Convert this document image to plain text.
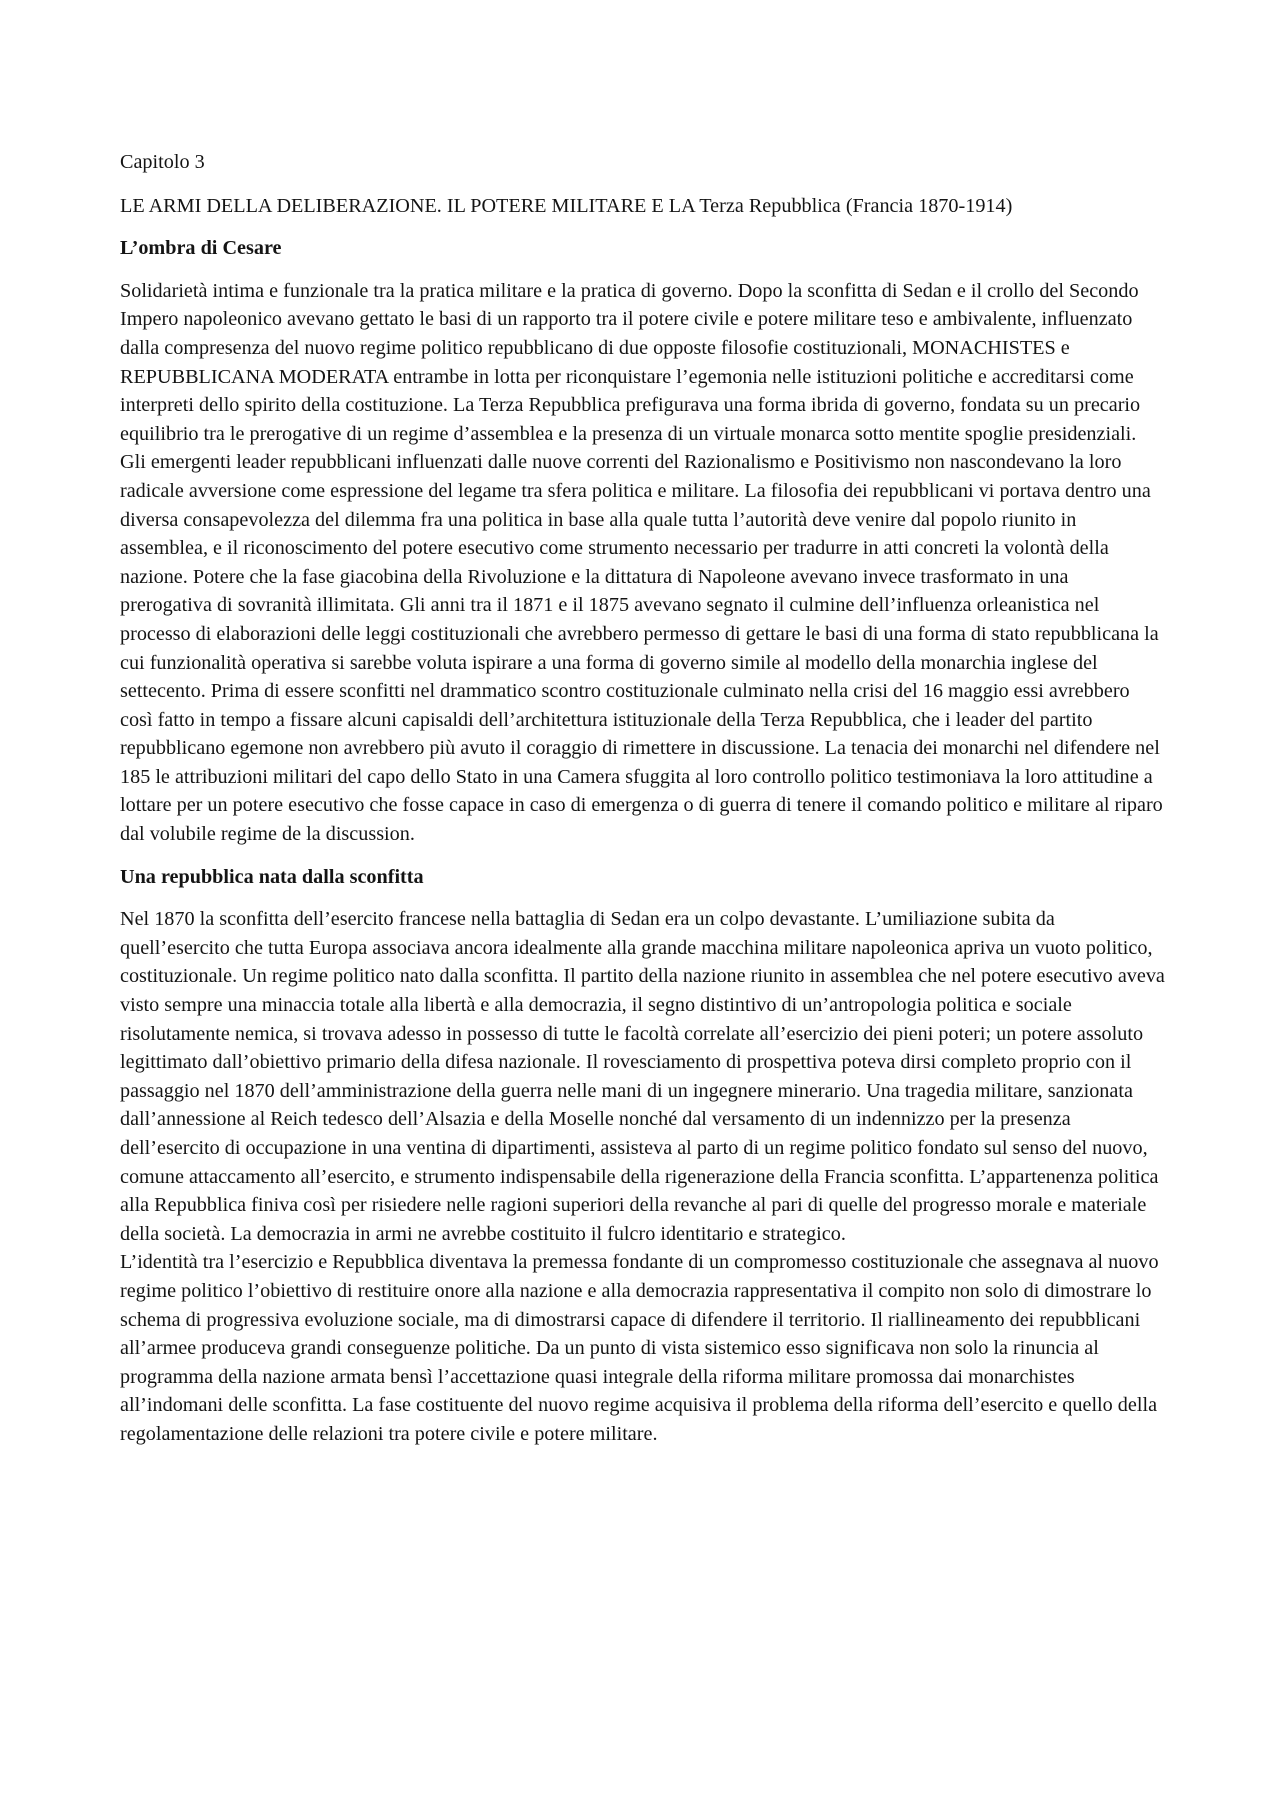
Capitolo 3

LE ARMI DELLA DELIBERAZIONE. IL POTERE MILITARE E LA Terza Repubblica (Francia 1870-1914)

L’ombra di Cesare

Solidarietà intima e funzionale tra la pratica militare e la pratica di governo. Dopo la sconfitta di Sedan e il crollo del Secondo Impero napoleonico avevano gettato le basi di un rapporto tra il potere civile e potere militare teso e ambivalente, influenzato dalla compresenza del nuovo regime politico repubblicano di due opposte filosofie costituzionali, MONACHISTES e REPUBBLICANA MODERATA entrambe in lotta per riconquistare l’egemonia nelle istituzioni politiche e accreditarsi come interpreti dello spirito della costituzione. La Terza Repubblica prefigurava una forma ibrida di governo, fondata su un precario equilibrio tra le prerogative di un regime d’assemblea e la presenza di un virtuale monarca sotto mentite spoglie presidenziali. Gli emergenti leader repubblicani influenzati dalle nuove correnti del Razionalismo e Positivismo non nascondevano la loro radicale avversione come espressione del legame tra sfera politica e militare. La filosofia dei repubblicani vi portava dentro una diversa consapevolezza del dilemma fra una politica in base alla quale tutta l’autorità deve venire dal popolo riunito in assemblea, e il riconoscimento del potere esecutivo come strumento necessario per tradurre in atti concreti la volontà della nazione. Potere che la fase giacobina della Rivoluzione e la dittatura di Napoleone avevano invece trasformato in una prerogativa di sovranità illimitata. Gli anni tra il 1871 e il 1875 avevano segnato il culmine dell’influenza orleanistica nel processo di elaborazioni delle leggi costituzionali che avrebbero permesso di gettare le basi di una forma di stato repubblicana la cui funzionalità operativa si sarebbe voluta ispirare a una forma di governo simile al modello della monarchia inglese del settecento. Prima di essere sconfitti nel drammatico scontro costituzionale culminato nella crisi del 16 maggio essi avrebbero così fatto in tempo a fissare alcuni capisaldi dell’architettura istituzionale della Terza Repubblica, che i leader del partito repubblicano egemone non avrebbero più avuto il coraggio di rimettere in discussione. La tenacia dei monarchi nel difendere nel 185 le attribuzioni militari del capo dello Stato in una Camera sfuggita al loro controllo politico testimoniava la loro attitudine a lottare per un potere esecutivo che fosse capace in caso di emergenza o di guerra di tenere il comando politico e militare al riparo dal volubile regime de la discussion.

Una repubblica nata dalla sconfitta

Nel 1870 la sconfitta dell’esercito francese nella battaglia di Sedan era un colpo devastante. L’umiliazione subita da quell’esercito che tutta Europa associava ancora idealmente alla grande macchina militare napoleonica apriva un vuoto politico, costituzionale. Un regime politico nato dalla sconfitta. Il partito della nazione riunito in assemblea che nel potere esecutivo aveva visto sempre una minaccia totale alla libertà e alla democrazia, il segno distintivo di un’antropologia politica e sociale risolutamente nemica, si trovava adesso in possesso di tutte le facoltà correlate all’esercizio dei pieni poteri; un potere assoluto legittimato dall’obiettivo primario della difesa nazionale. Il rovesciamento di prospettiva poteva dirsi completo proprio con il passaggio nel 1870 dell’amministrazione della guerra nelle mani di un ingegnere minerario. Una tragedia militare, sanzionata dall’annessione al Reich tedesco dell’Alsazia e della Moselle nonché dal versamento di un indennizzo per la presenza dell’esercito di occupazione in una ventina di dipartimenti, assisteva al parto di un regime politico fondato sul senso del nuovo, comune attaccamento all’esercito, e strumento indispensabile della rigenerazione della Francia sconfitta. L’appartenenza politica alla Repubblica finiva così per risiedere nelle ragioni superiori della revanche al pari di quelle del progresso morale e materiale della società. La democrazia in armi ne avrebbe costituito il fulcro identitario e strategico.

L’identità tra l’esercizio e Repubblica diventava la premessa fondante di un compromesso costituzionale che assegnava al nuovo regime politico l’obiettivo di restituire onore alla nazione e alla democrazia rappresentativa il compito non solo di dimostrare lo schema di progressiva evoluzione sociale, ma di dimostrarsi capace di difendere il territorio. Il riallineamento dei repubblicani all’armee produceva grandi conseguenze politiche. Da un punto di vista sistemico esso significava non solo la rinuncia al programma della nazione armata bensì l’accettazione quasi integrale della riforma militare promossa dai monarchistes all’indomani delle sconfitta. La fase costituente del nuovo regime acquisiva il problema della riforma dell’esercito e quello della regolamentazione delle relazioni tra potere civile e potere militare.
